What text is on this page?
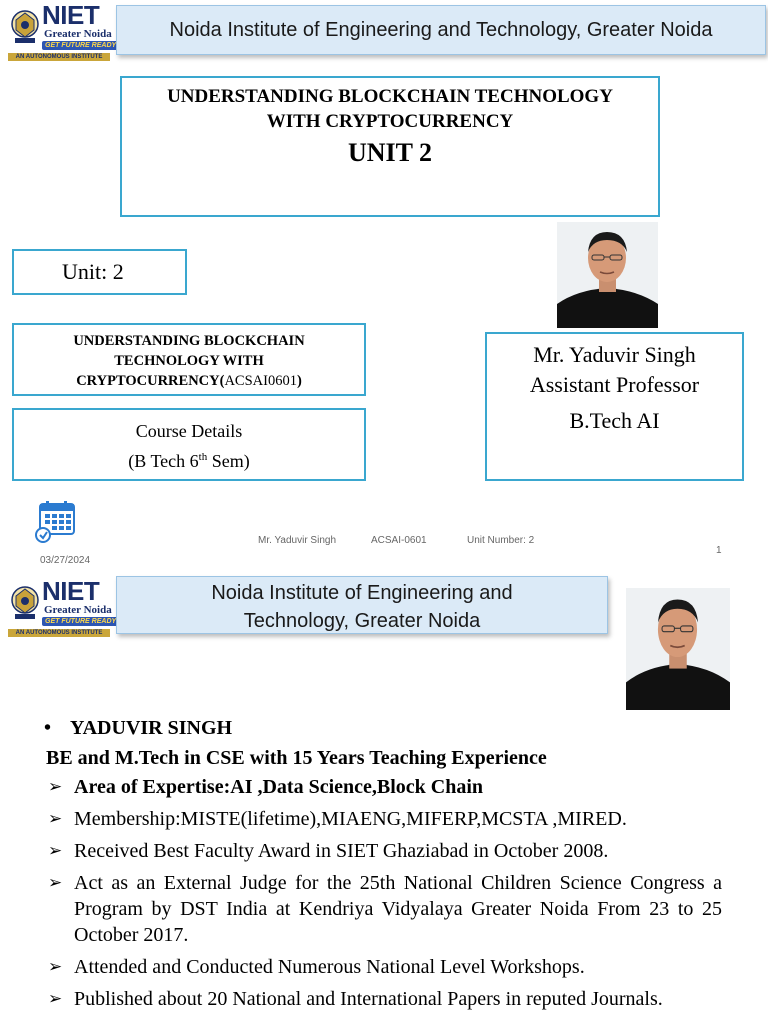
NIET
Greater Noida
GET FUTURE READY
AN AUTONOMOUS INSTITUTE
Noida Institute of Engineering and Technology, Greater Noida
UNDERSTANDING BLOCKCHAIN TECHNOLOGY
WITH CRYPTOCURRENCY
UNIT 2
Unit: 2
UNDERSTANDING BLOCKCHAIN TECHNOLOGY WITH CRYPTOCURRENCY(ACSAI0601)
Course Details
(B Tech 6th Sem)
Mr. Yaduvir Singh
Assistant Professor
B.Tech AI
03/27/2024
Mr. Yaduvir Singh	ACSAI-0601	Unit Number: 2
1
NIET
Greater Noida
GET FUTURE READY
AN AUTONOMOUS INSTITUTE
Noida Institute of Engineering and
Technology, Greater Noida
• YADUVIR SINGH
BE and M.Tech in CSE with 15 Years Teaching Experience
➢ Area of Expertise:AI ,Data Science,Block Chain
➢ Membership:MISTE(lifetime),MIAENG,MIFERP,MCSTA ,MIRED.
➢ Received Best Faculty Award in SIET Ghaziabad in October 2008.
➢ Act as an External Judge for the 25th National Children Science Congress a Program by DST India at Kendriya Vidyalaya Greater Noida From 23 to 25 October 2017.
➢ Attended and Conducted Numerous National Level Workshops.
➢ Published about 20 National and International Papers in reputed Journals.
